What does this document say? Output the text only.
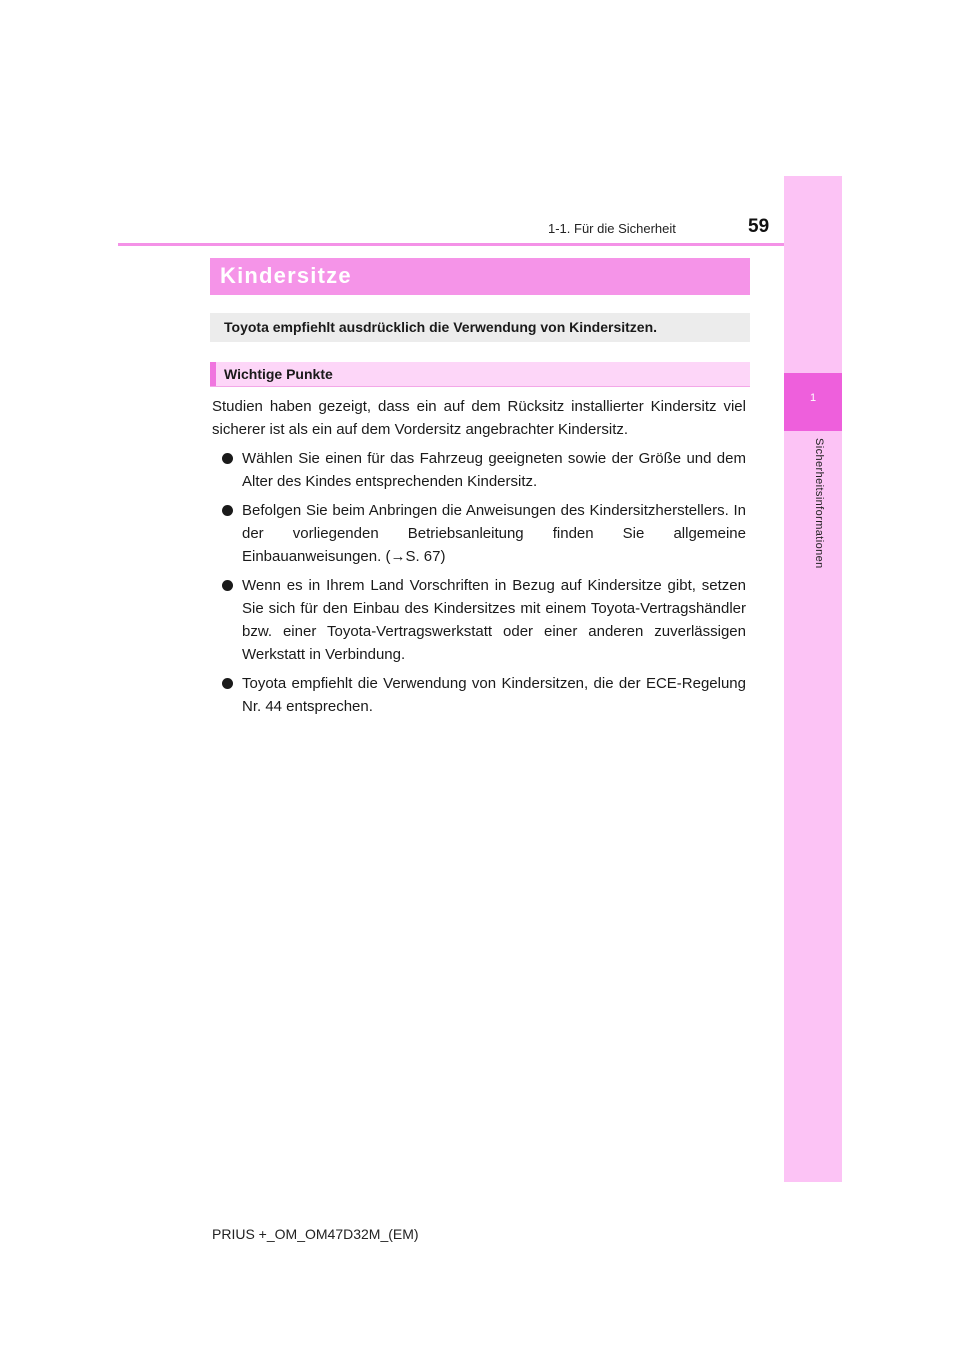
1
Sicherheitsinformationen
1-1. Für die Sicherheit	59
Kindersitze
Toyota empfiehlt ausdrücklich die Verwendung von Kindersitzen.
Wichtige Punkte

Studien haben gezeigt, dass ein auf dem Rücksitz installierter Kindersitz viel sicherer ist als ein auf dem Vordersitz angebrachter Kindersitz.

Wählen Sie einen für das Fahrzeug geeigneten sowie der Größe und dem Alter des Kindes entsprechenden Kindersitz.
Befolgen Sie beim Anbringen die Anweisungen des Kindersitzherstellers. In der vorliegenden Betriebsanleitung finden Sie allgemeine Einbauanweisungen. (→S. 67)
Wenn es in Ihrem Land Vorschriften in Bezug auf Kindersitze gibt, setzen Sie sich für den Einbau des Kindersitzes mit einem Toyota-Vertragshändler bzw. einer Toyota-Vertragswerkstatt oder einer anderen zuverlässigen Werkstatt in Verbindung.
Toyota empfiehlt die Verwendung von Kindersitzen, die der ECE-Regelung Nr. 44 entsprechen.
PRIUS +_OM_OM47D32M_(EM)
